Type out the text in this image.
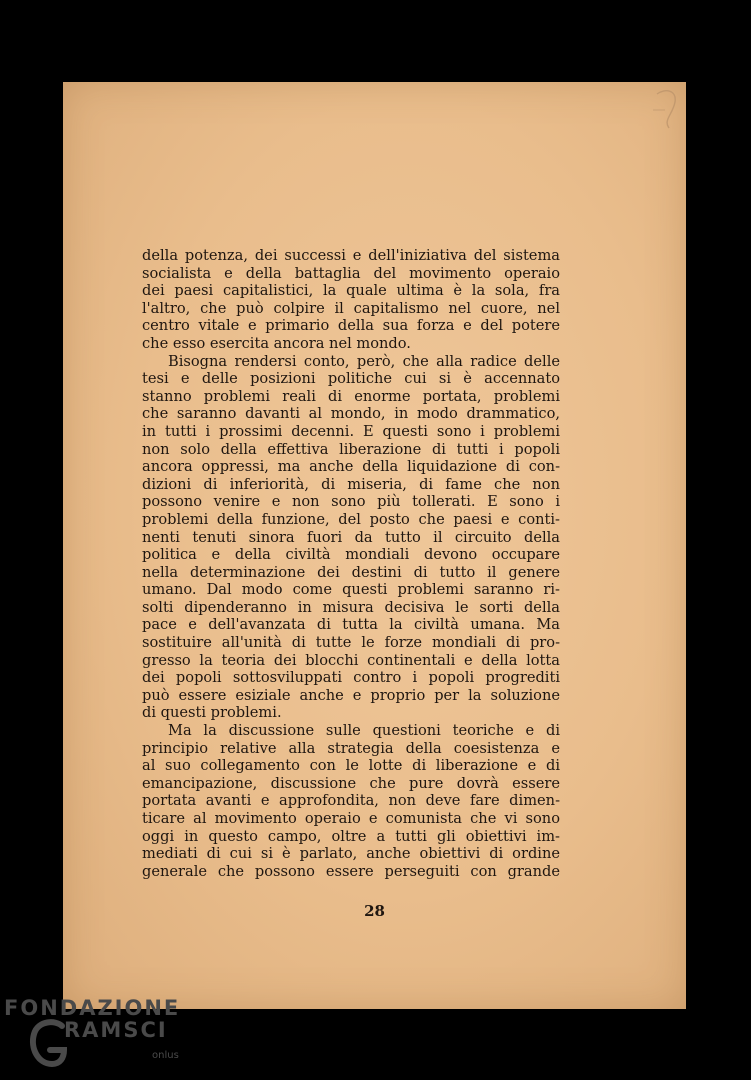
della potenza, dei successi e dell'iniziativa del sistema
socialista e della battaglia del movimento operaio
dei paesi capitalistici, la quale ultima è la sola, fra
l'altro, che può colpire il capitalismo nel cuore, nel
centro vitale e primario della sua forza e del potere
che esso esercita ancora nel mondo.
Bisogna rendersi conto, però, che alla radice delle
tesi e delle posizioni politiche cui si è accennato
stanno problemi reali di enorme portata, problemi
che saranno davanti al mondo, in modo drammatico,
in tutti i prossimi decenni. E questi sono i problemi
non solo della effettiva liberazione di tutti i popoli
ancora oppressi, ma anche della liquidazione di con-
dizioni di inferiorità, di miseria, di fame che non
possono venire e non sono più tollerati. E sono i
problemi della funzione, del posto che paesi e conti-
nenti tenuti sinora fuori da tutto il circuito della
politica e della civiltà mondiali devono occupare
nella determinazione dei destini di tutto il genere
umano. Dal modo come questi problemi saranno ri-
solti dipenderanno in misura decisiva le sorti della
pace e dell'avanzata di tutta la civiltà umana. Ma
sostituire all'unità di tutte le forze mondiali di pro-
gresso la teoria dei blocchi continentali e della lotta
dei popoli sottosviluppati contro i popoli progrediti
può essere esiziale anche e proprio per la soluzione
di questi problemi.
Ma la discussione sulle questioni teoriche e di
principio relative alla strategia della coesistenza e
al suo collegamento con le lotte di liberazione e di
emancipazione, discussione che pure dovrà essere
portata avanti e approfondita, non deve fare dimen-
ticare al movimento operaio e comunista che vi sono
oggi in questo campo, oltre a tutti gli obiettivi im-
mediati di cui si è parlato, anche obiettivi di ordine
generale che possono essere perseguiti con grande
28
FONDAZIONE
RAMSCI
onlus
